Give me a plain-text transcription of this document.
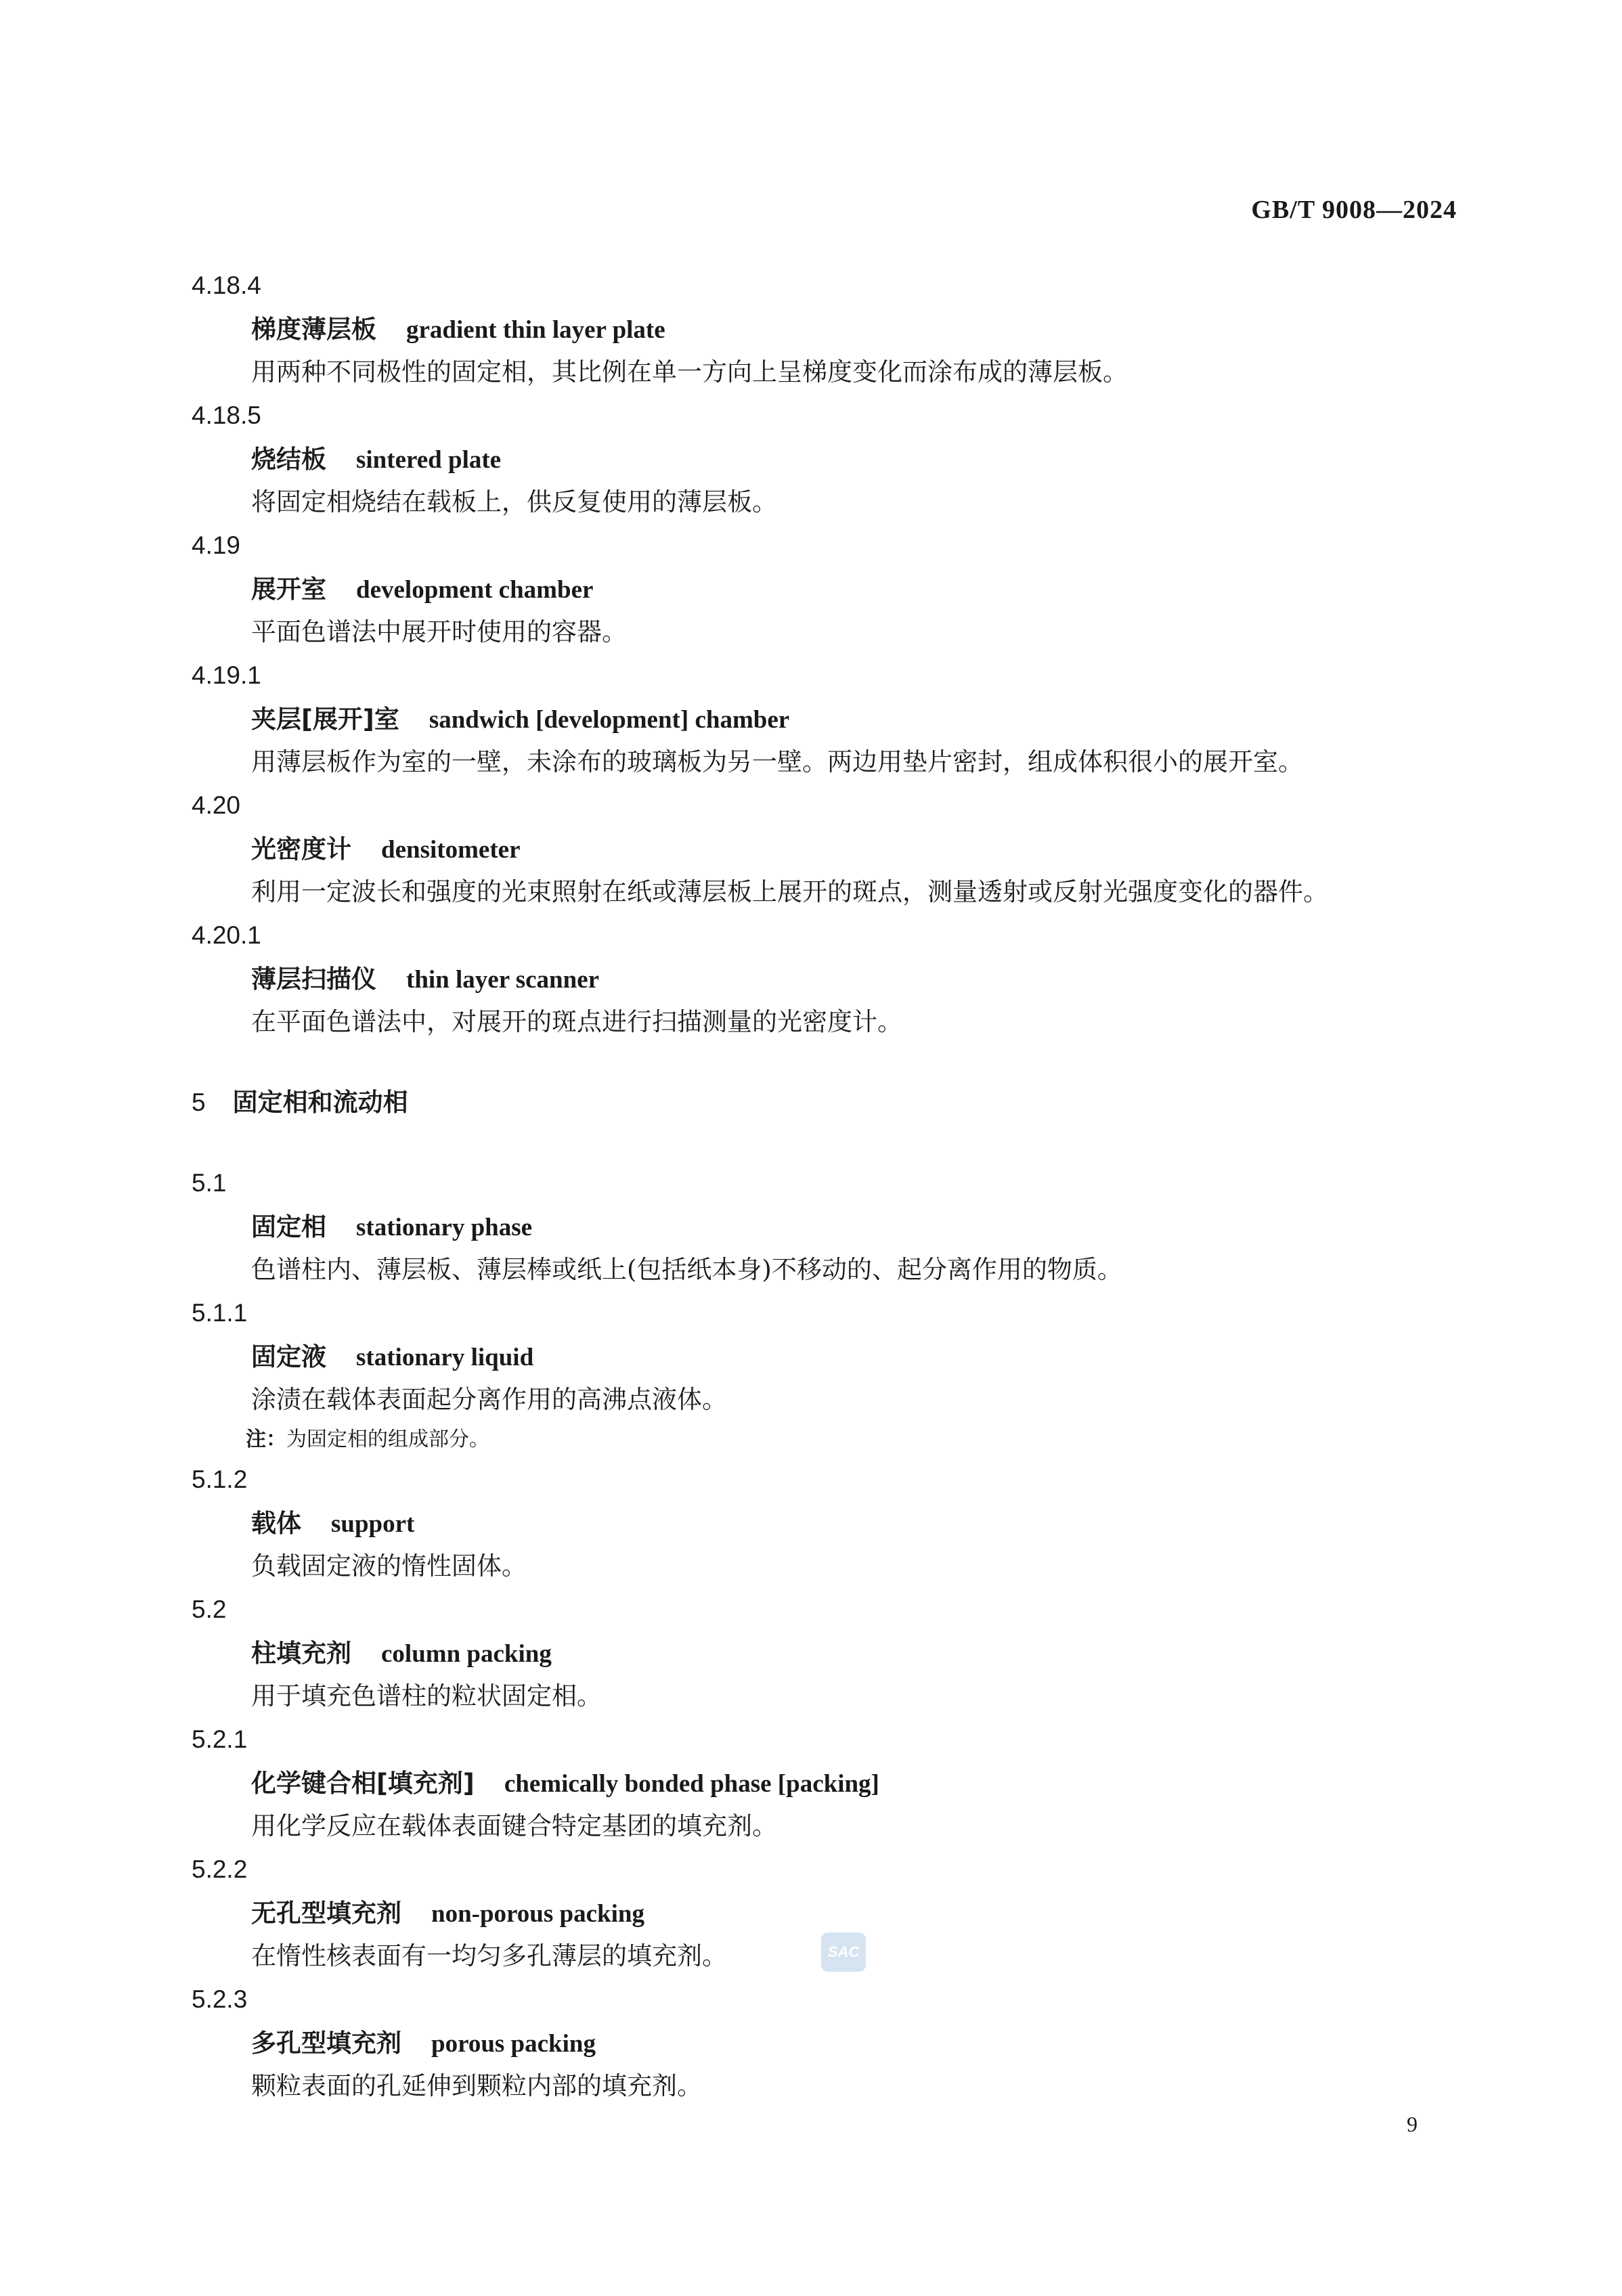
GB/T 9008—2024

4.18.4

梯度薄层板 gradient thin layer plate

用两种不同极性的固定相，其比例在单一方向上呈梯度变化而涂布成的薄层板。

4.18.5

烧结板 sintered plate

将固定相烧结在载板上，供反复使用的薄层板。

4.19

展开室 development chamber

平面色谱法中展开时使用的容器。

4.19.1

夹层[展开]室 sandwich [development] chamber

用薄层板作为室的一壁，未涂布的玻璃板为另一壁。两边用垫片密封，组成体积很小的展开室。

4.20

光密度计 densitometer

利用一定波长和强度的光束照射在纸或薄层板上展开的斑点，测量透射或反射光强度变化的器件。

4.20.1

薄层扫描仪 thin layer scanner

在平面色谱法中，对展开的斑点进行扫描测量的光密度计。

5 固定相和流动相

5.1

固定相 stationary phase

色谱柱内、薄层板、薄层棒或纸上(包括纸本身)不移动的、起分离作用的物质。

5.1.1

固定液 stationary liquid

涂渍在载体表面起分离作用的高沸点液体。

注：为固定相的组成部分。

5.1.2

载体 support

负载固定液的惰性固体。

5.2

柱填充剂 column packing

用于填充色谱柱的粒状固定相。

5.2.1

化学键合相[填充剂] chemically bonded phase [packing]

用化学反应在载体表面键合特定基团的填充剂。

5.2.2

无孔型填充剂 non-porous packing

在惰性核表面有一均匀多孔薄层的填充剂。

5.2.3

多孔型填充剂 porous packing

颗粒表面的孔延伸到颗粒内部的填充剂。

SAC
9
